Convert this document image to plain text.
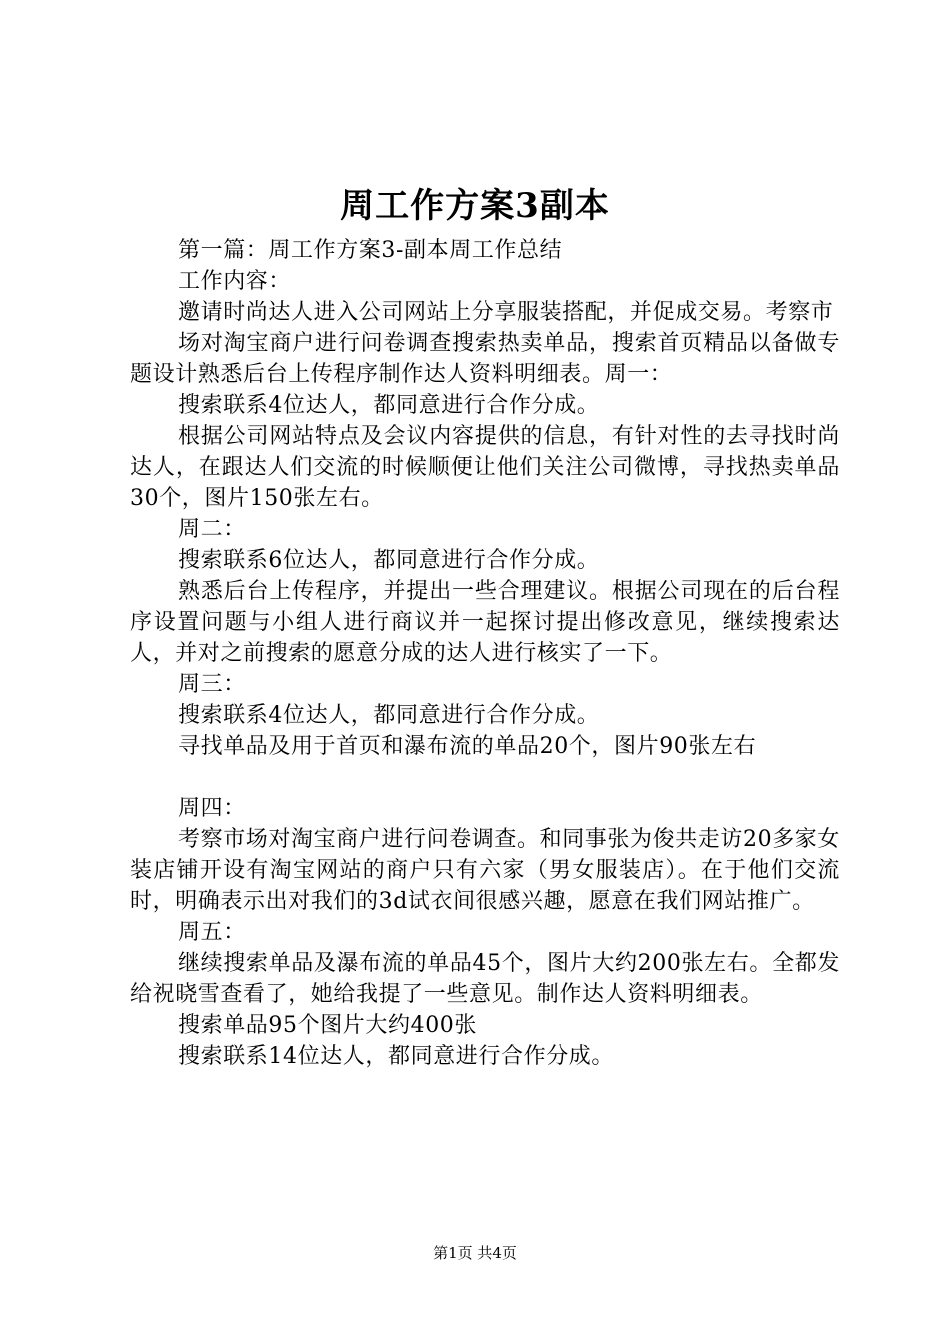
周工作方案3副本

第一篇：周工作方案3-副本周工作总结

工作内容：

邀请时尚达人进入公司网站上分享服装搭配，并促成交易。考察市

场对淘宝商户进行问卷调查搜索热卖单品，搜索首页精品以备做专题设计熟悉后台上传程序制作达人资料明细表。周一：

搜索联系4位达人，都同意进行合作分成。

根据公司网站特点及会议内容提供的信息，有针对性的去寻找时尚达人，在跟达人们交流的时候顺便让他们关注公司微博，寻找热卖单品30个，图片150张左右。

周二：

搜索联系6位达人，都同意进行合作分成。

熟悉后台上传程序，并提出一些合理建议。根据公司现在的后台程序设置问题与小组人进行商议并一起探讨提出修改意见，继续搜索达人，并对之前搜索的愿意分成的达人进行核实了一下。

周三：

搜索联系4位达人，都同意进行合作分成。

寻找单品及用于首页和瀑布流的单品20个，图片90张左右

周四：

考察市场对淘宝商户进行问卷调查。和同事张为俊共走访20多家女装店铺开设有淘宝网站的商户只有六家（男女服装店）。在于他们交流时，明确表示出对我们的3d试衣间很感兴趣，愿意在我们网站推广。

周五：

继续搜索单品及瀑布流的单品45个，图片大约200张左右。全都发给祝晓雪查看了，她给我提了一些意见。制作达人资料明细表。

搜索单品95个图片大约400张

搜索联系14位达人，都同意进行合作分成。

第1页 共4页
